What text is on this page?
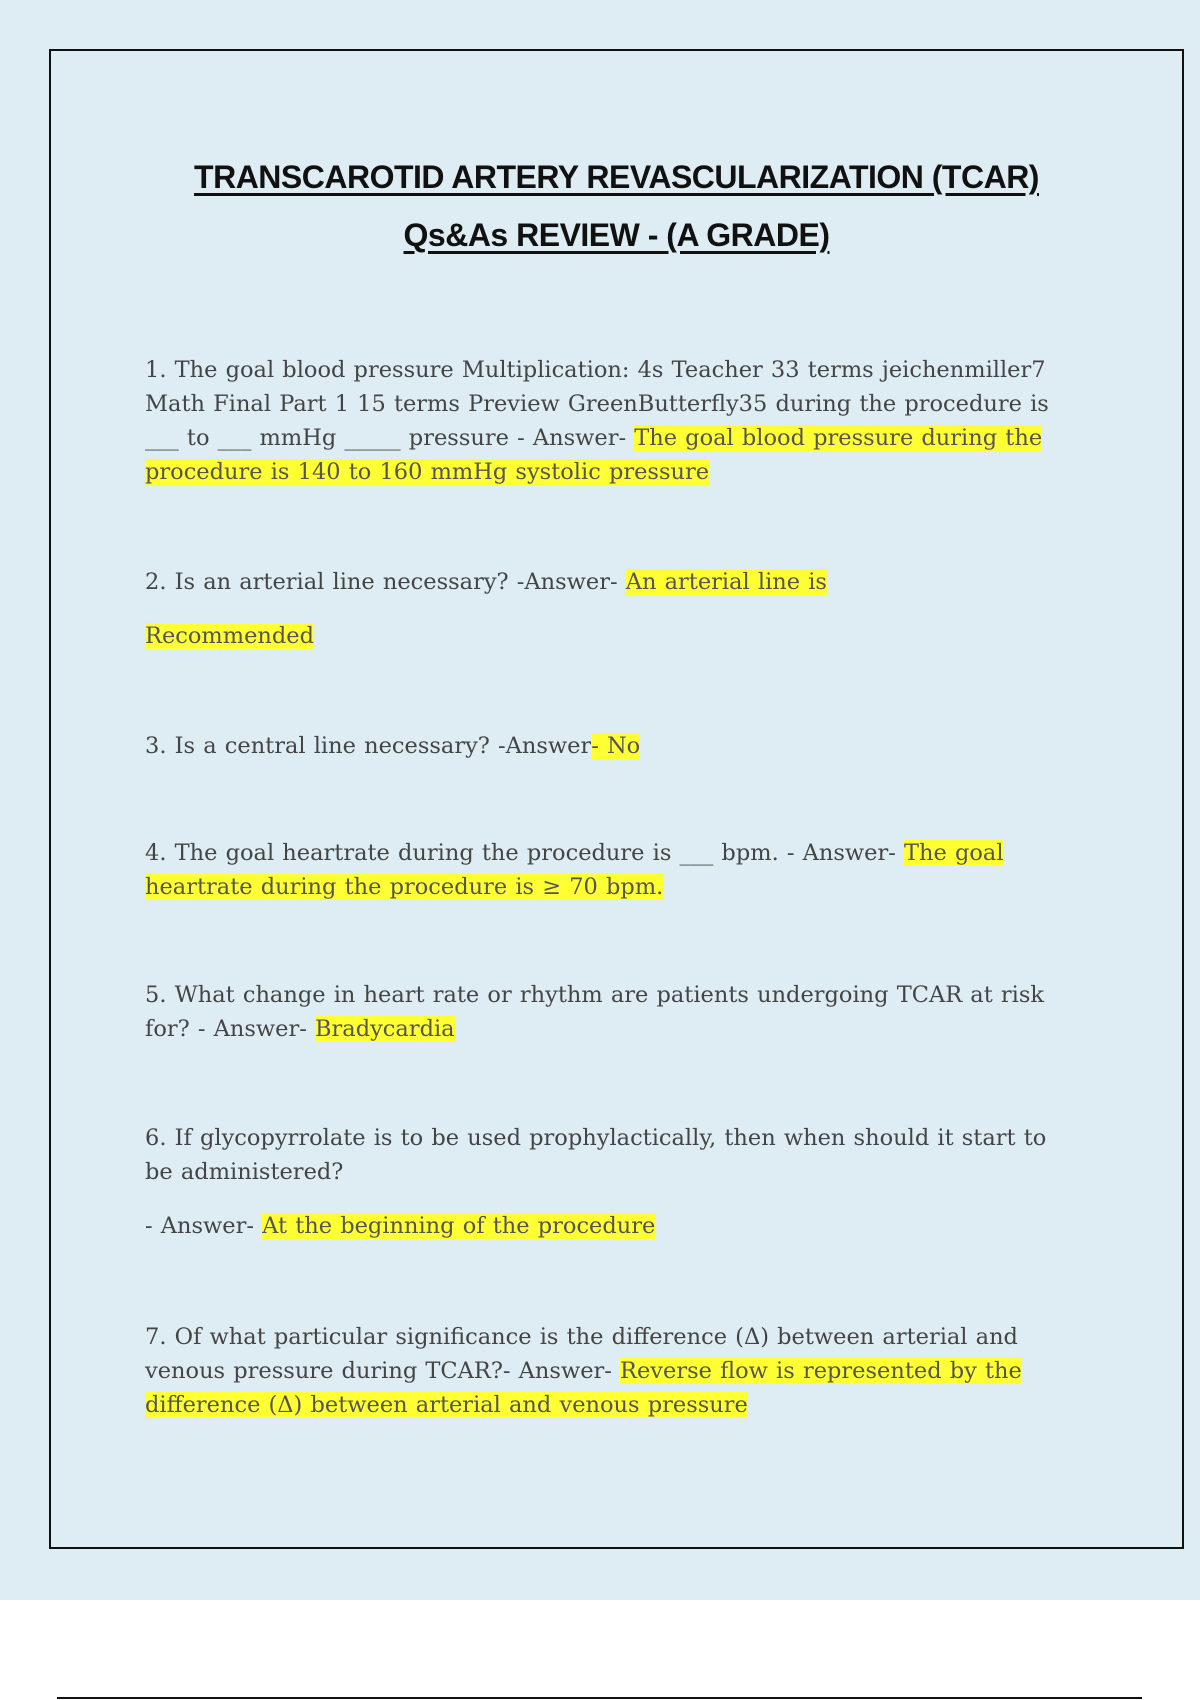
TRANSCAROTID ARTERY REVASCULARIZATION (TCAR)
Qs&As REVIEW - (A GRADE)

1. The goal blood pressure Multiplication: 4s Teacher 33 terms jeichenmiller7 Math Final Part 1 15 terms Preview GreenButterfly35 during the procedure is ___ to ___ mmHg _____ pressure - Answer- The goal blood pressure during the procedure is 140 to 160 mmHg systolic pressure

2. Is an arterial line necessary? -Answer- An arterial line is

Recommended

3. Is a central line necessary? -Answer- No

4. The goal heartrate during the procedure is ___ bpm. - Answer- The goal heartrate during the procedure is ≥ 70 bpm.

5. What change in heart rate or rhythm are patients undergoing TCAR at risk for? - Answer- Bradycardia

6. If glycopyrrolate is to be used prophylactically, then when should it start to be administered?

- Answer- At the beginning of the procedure

7. Of what particular significance is the difference (Δ) between arterial and venous pressure during TCAR?- Answer- Reverse flow is represented by the difference (Δ) between arterial and venous pressure
